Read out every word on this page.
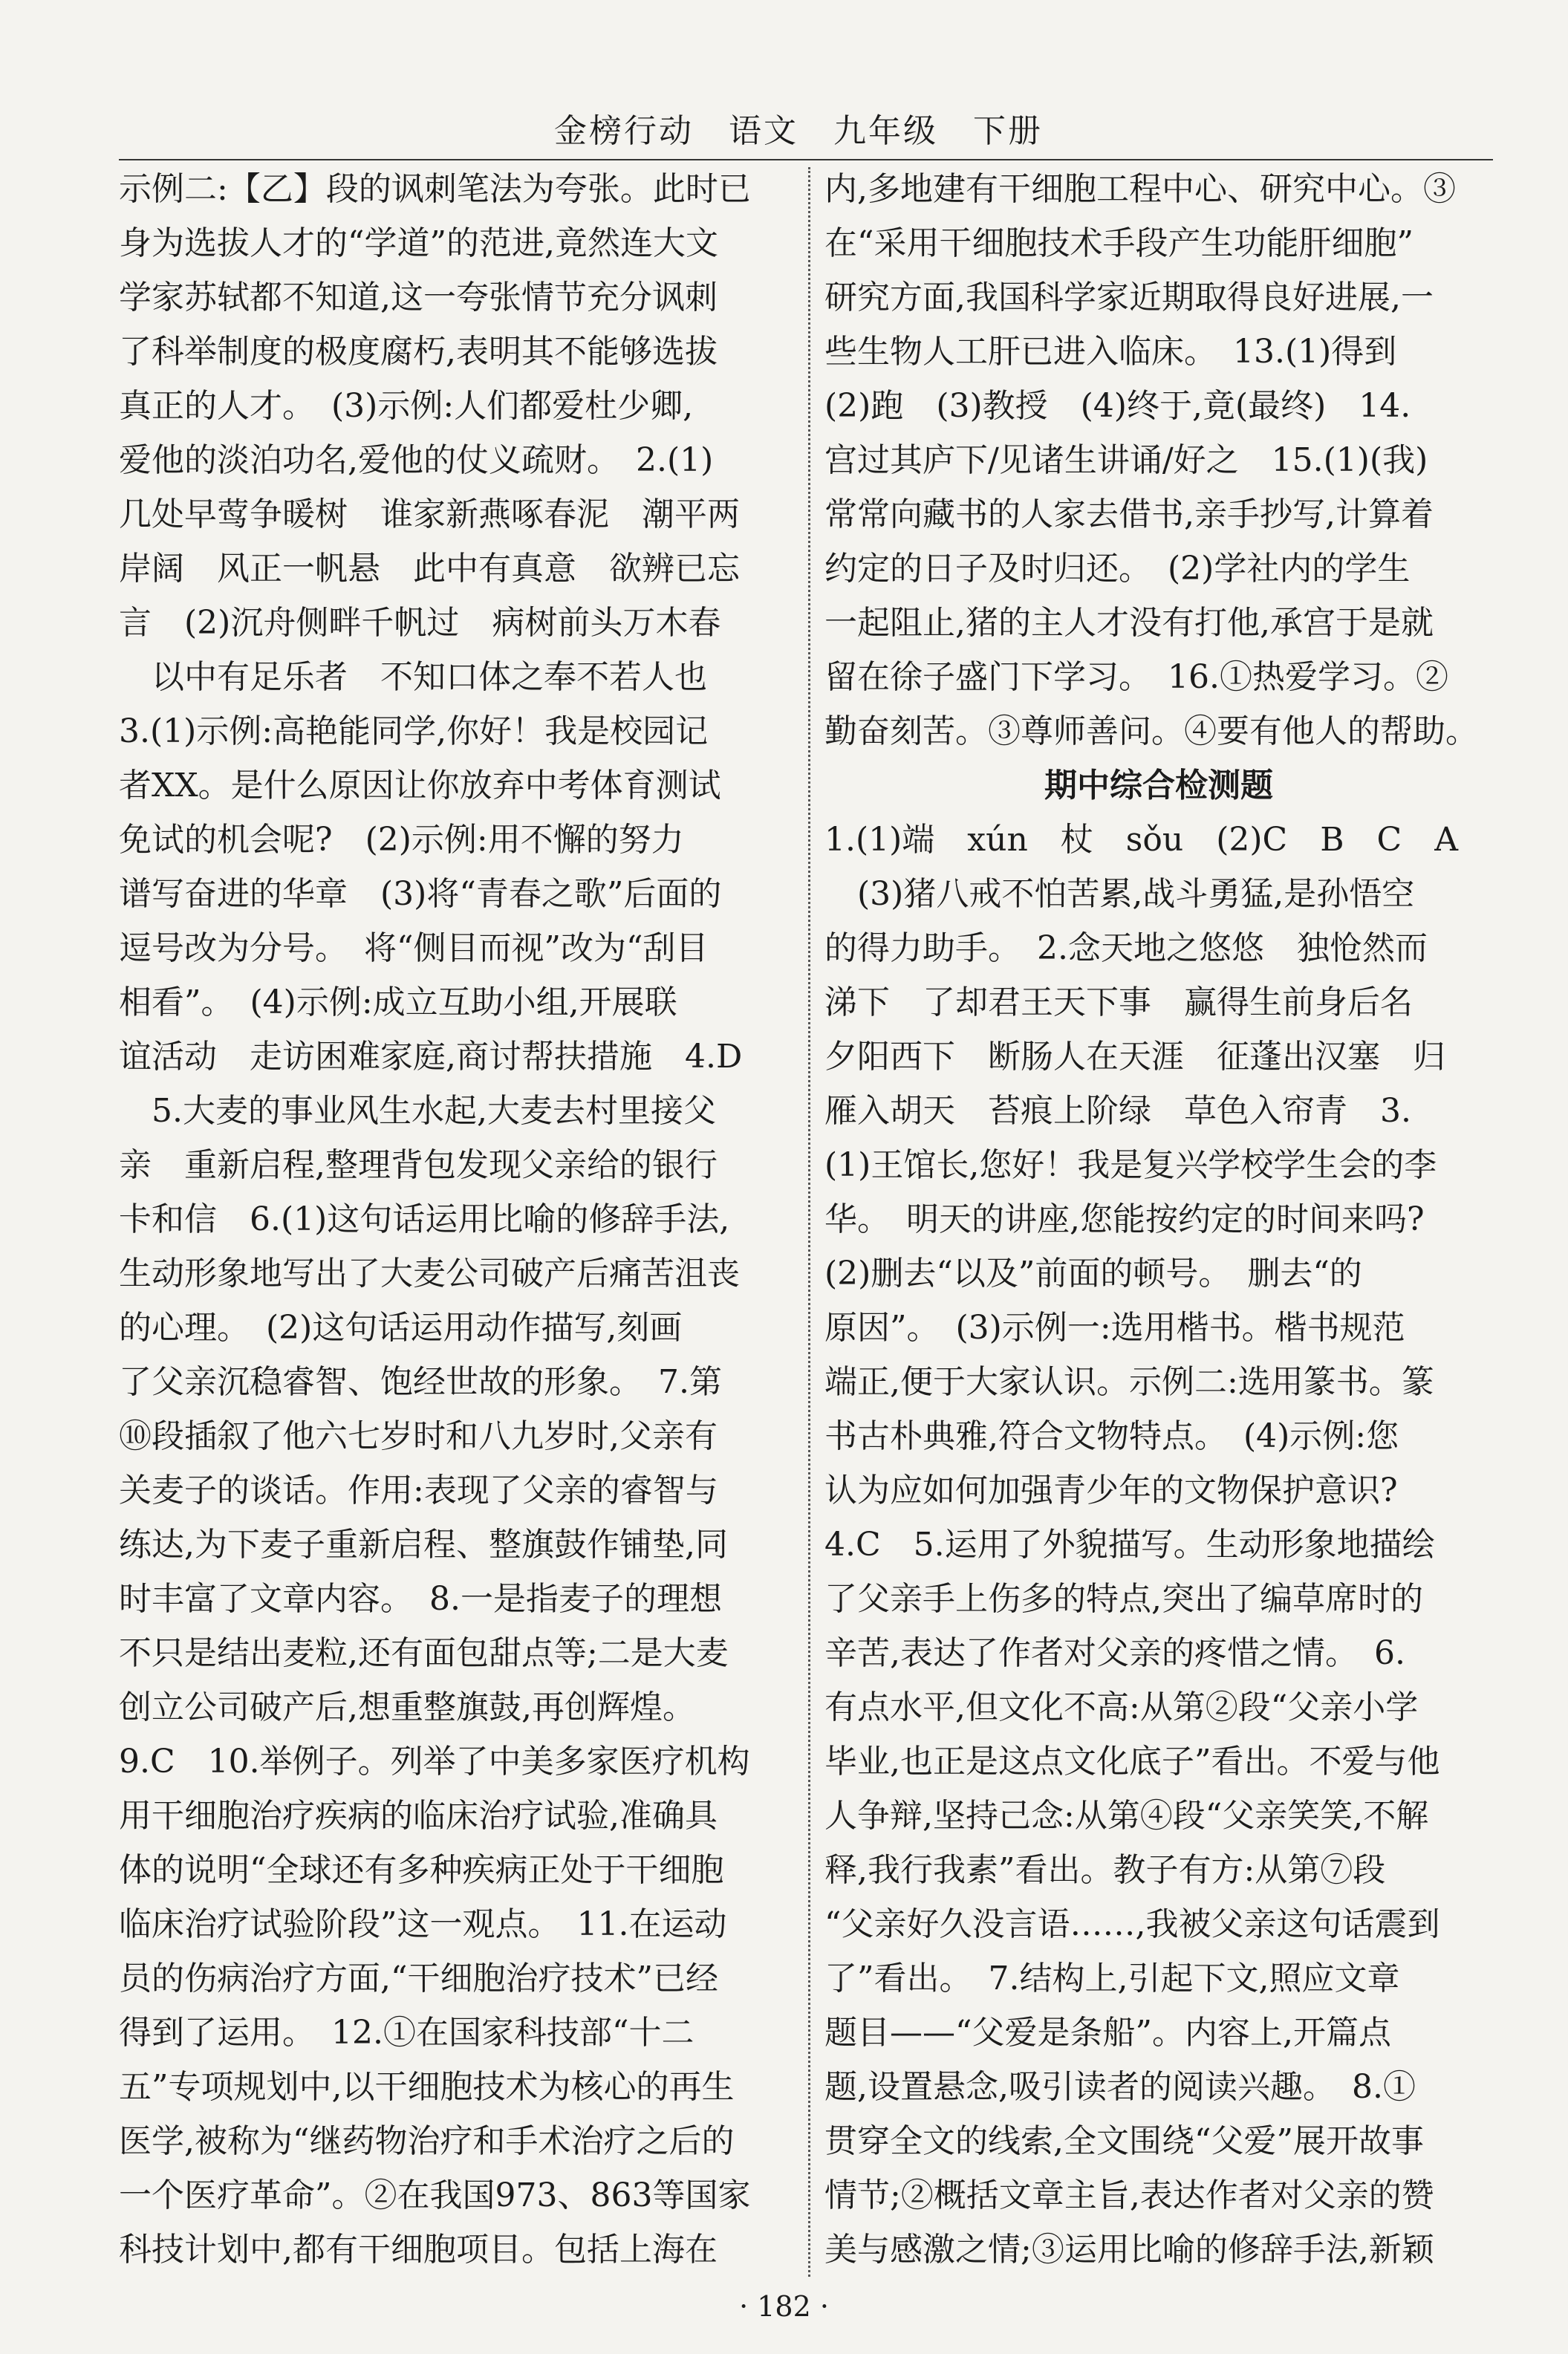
金榜行动　语文　九年级　下册
示例二:【乙】段的讽刺笔法为夸张。此时已
身为选拔人才的“学道”的范进,竟然连大文
学家苏轼都不知道,这一夸张情节充分讽刺
了科举制度的极度腐朽,表明其不能够选拔
真正的人才。　(3)示例:人们都爱杜少卿,
爱他的淡泊功名,爱他的仗义疏财。　2.(1)
几处早莺争暖树　谁家新燕啄春泥　潮平两
岸阔　风正一帆悬　此中有真意　欲辨已忘
言　(2)沉舟侧畔千帆过　病树前头万木春
以中有足乐者　不知口体之奉不若人也
3.(1)示例:高艳能同学,你好！我是校园记
者XX。是什么原因让你放弃中考体育测试
免试的机会呢?　(2)示例:用不懈的努力
谱写奋进的华章　(3)将“青春之歌”后面的
逗号改为分号。　将“侧目而视”改为“刮目
相看”。　(4)示例:成立互助小组,开展联
谊活动　走访困难家庭,商讨帮扶措施　4.D
5.大麦的事业风生水起,大麦去村里接父
亲　重新启程,整理背包发现父亲给的银行
卡和信　6.(1)这句话运用比喻的修辞手法,
生动形象地写出了大麦公司破产后痛苦沮丧
的心理。　(2)这句话运用动作描写,刻画
了父亲沉稳睿智、饱经世故的形象。　7.第
⑩段插叙了他六七岁时和八九岁时,父亲有
关麦子的谈话。作用:表现了父亲的睿智与
练达,为下麦子重新启程、整旗鼓作铺垫,同
时丰富了文章内容。　8.一是指麦子的理想
不只是结出麦粒,还有面包甜点等;二是大麦
创立公司破产后,想重整旗鼓,再创辉煌。
9.C　10.举例子。列举了中美多家医疗机构
用干细胞治疗疾病的临床治疗试验,准确具
体的说明“全球还有多种疾病正处于干细胞
临床治疗试验阶段”这一观点。　11.在运动
员的伤病治疗方面,“干细胞治疗技术”已经
得到了运用。　12.①在国家科技部“十二
五”专项规划中,以干细胞技术为核心的再生
医学,被称为“继药物治疗和手术治疗之后的
一个医疗革命”。②在我国973、863等国家
科技计划中,都有干细胞项目。包括上海在
内,多地建有干细胞工程中心、研究中心。③
在“采用干细胞技术手段产生功能肝细胞”
研究方面,我国科学家近期取得良好进展,一
些生物人工肝已进入临床。　13.(1)得到
(2)跑　(3)教授　(4)终于,竟(最终)　14.
宫过其庐下/见诸生讲诵/好之　15.(1)(我)
常常向藏书的人家去借书,亲手抄写,计算着
约定的日子及时归还。　(2)学社内的学生
一起阻止,猪的主人才没有打他,承宫于是就
留在徐子盛门下学习。　16.①热爱学习。②
勤奋刻苦。③尊师善问。④要有他人的帮助。
期中综合检测题
1.(1)端　xún　杖　sǒu　(2)C　B　C　A
(3)猪八戒不怕苦累,战斗勇猛,是孙悟空
的得力助手。　2.念天地之悠悠　独怆然而
涕下　了却君王天下事　赢得生前身后名
夕阳西下　断肠人在天涯　征蓬出汉塞　归
雁入胡天　苔痕上阶绿　草色入帘青　3.
(1)王馆长,您好！我是复兴学校学生会的李
华。　明天的讲座,您能按约定的时间来吗?
(2)删去“以及”前面的顿号。　删去“的
原因”。　(3)示例一:选用楷书。楷书规范
端正,便于大家认识。示例二:选用篆书。篆
书古朴典雅,符合文物特点。　(4)示例:您
认为应如何加强青少年的文物保护意识?
4.C　5.运用了外貌描写。生动形象地描绘
了父亲手上伤多的特点,突出了编草席时的
辛苦,表达了作者对父亲的疼惜之情。　6.
有点水平,但文化不高:从第②段“父亲小学
毕业,也正是这点文化底子”看出。不爱与他
人争辩,坚持己念:从第④段“父亲笑笑,不解
释,我行我素”看出。教子有方:从第⑦段
“父亲好久没言语……,我被父亲这句话震到
了”看出。　7.结构上,引起下文,照应文章
题目——“父爱是条船”。内容上,开篇点
题,设置悬念,吸引读者的阅读兴趣。　8.①
贯穿全文的线索,全文围绕“父爱”展开故事
情节;②概括文章主旨,表达作者对父亲的赞
美与感激之情;③运用比喻的修辞手法,新颖
· 182 ·
